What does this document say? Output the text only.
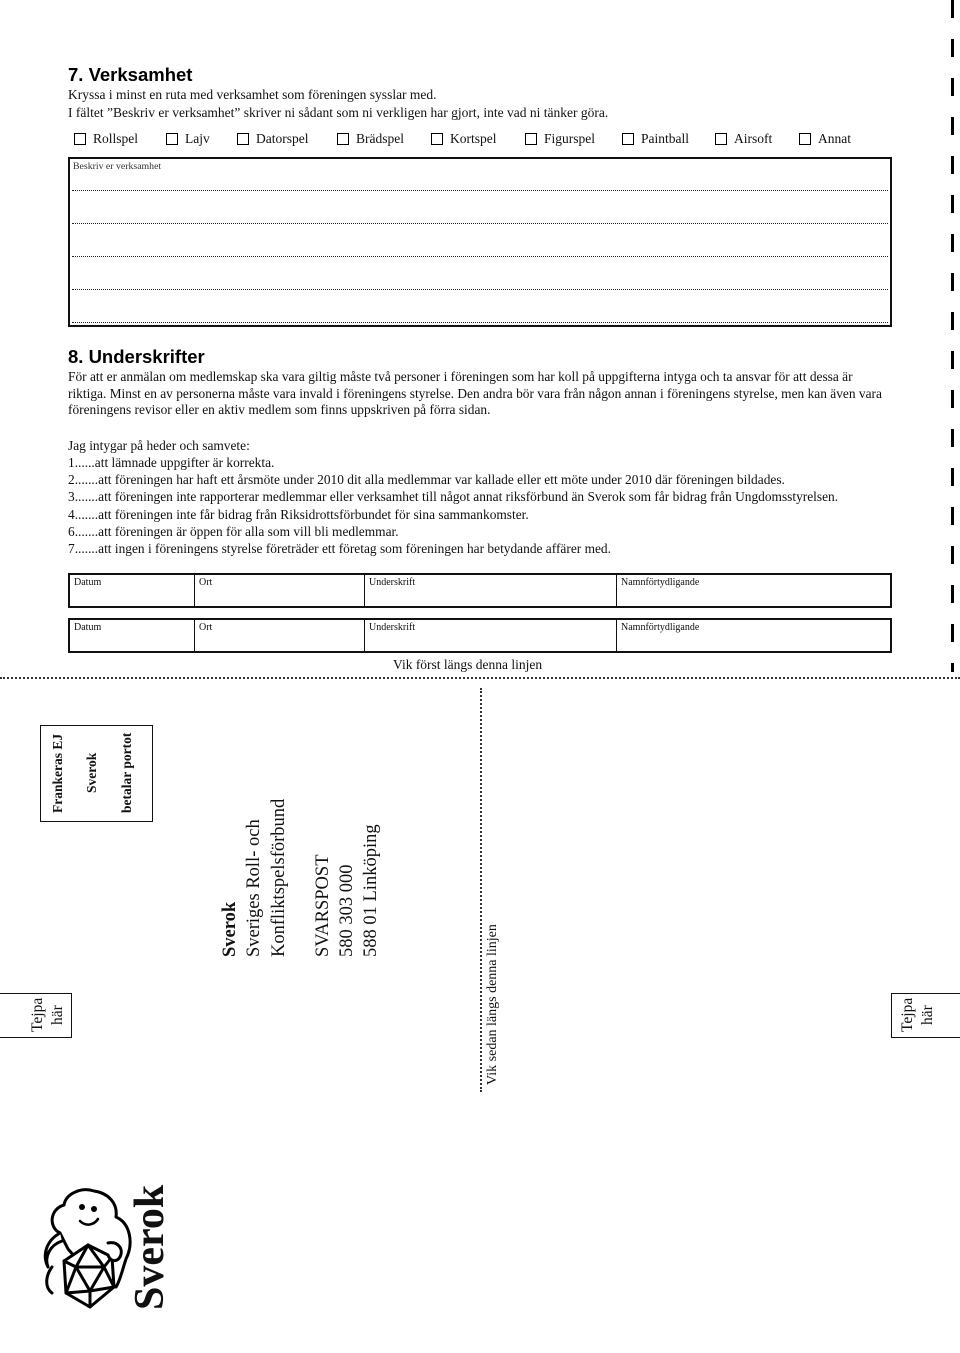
7. Verksamhet
Kryssa i minst en ruta med verksamhet som föreningen sysslar med.
I fältet ”Beskriv er verksamhet” skriver ni sådant som ni verkligen har gjort, inte vad ni tänker göra.
Rollspel	Lajv	Datorspel	Brädspel	Kortspel	Figurspel	Paintball	Airsoft	Annat
Beskriv er verksamhet
8. Underskrifter
För att er anmälan om medlemskap ska vara giltig måste två personer i föreningen som har koll på uppgifterna intyga och ta ansvar för att dessa är
riktiga. Minst en av personerna måste vara invald i föreningens styrelse. Den andra bör vara från någon annan i föreningens styrelse, men kan även vara
föreningens revisor eller en aktiv medlem som finns uppskriven på förra sidan.
Jag intygar på heder och samvete:
1......att lämnade uppgifter är korrekta.
2.......att föreningen har haft ett årsmöte under 2010 dit alla medlemmar var kallade eller ett möte under 2010 där föreningen bildades.
3.......att föreningen inte rapporterar medlemmar eller verksamhet till något annat riksförbund än Sverok som får bidrag från Ungdomsstyrelsen.
4.......att föreningen inte får bidrag från Riksidrottsförbundet för sina sammankomster.
6.......att föreningen är öppen för alla som vill bli medlemmar.
7.......att ingen i föreningens styrelse företräder ett företag som föreningen har betydande affärer med.
Datum	Ort	Underskrift	Namnförtydligande
Datum	Ort	Underskrift	Namnförtydligande
Vik först längs denna linjen
Vik sedan längs denna linjen
Frankeras EJ Sverok betalar portot
Tejpa här	Tejpa här
Sverok Sveriges Roll- och Konfliktspelsförbund SVARSPOST 580 303 000 588 01 Linköping
Sverok
